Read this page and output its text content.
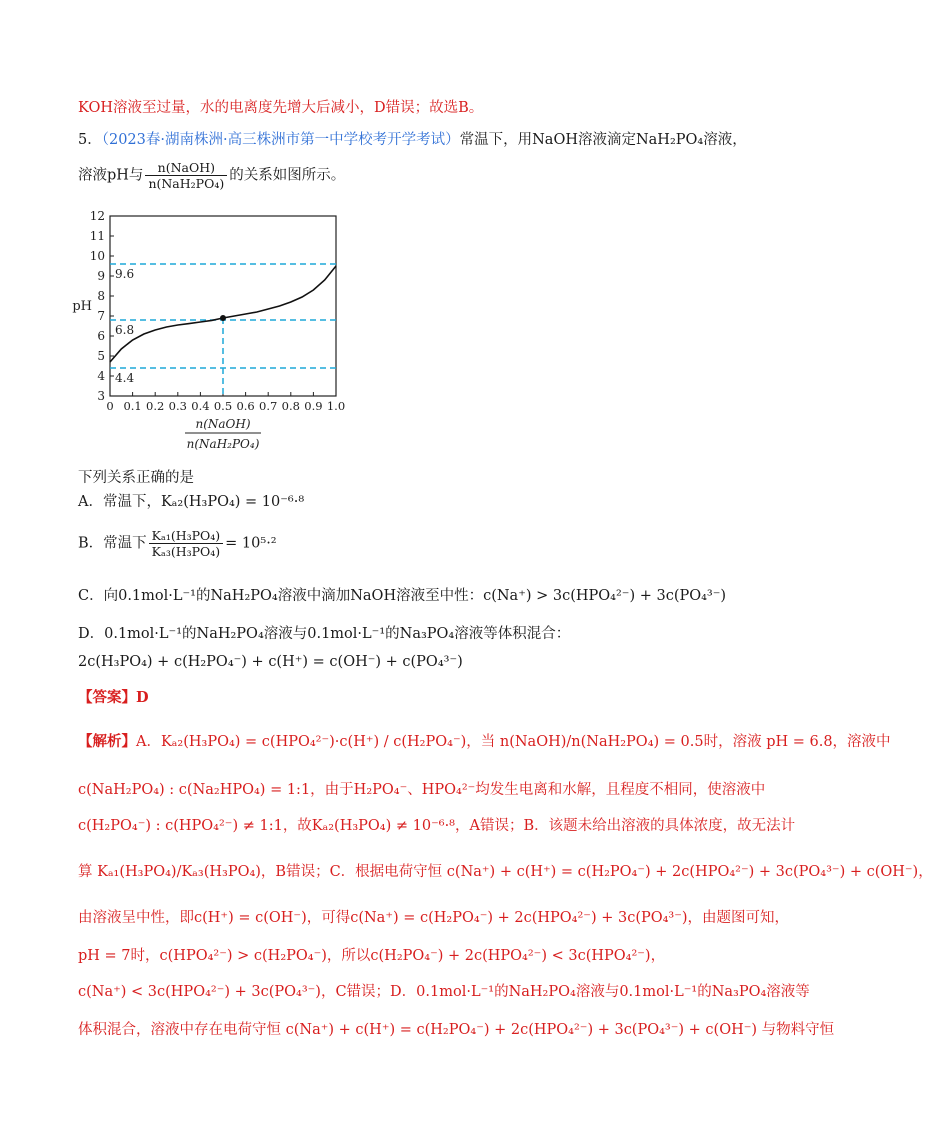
KOH溶液至过量，水的电离度先增大后减小，D错误；故选B。
5．（2023春·湖南株洲·高三株洲市第一中学校考开学考试）常温下，用NaOH溶液滴定NaH₂PO₄溶液，
溶液pH与 $\frac{\text{n(NaOH)}}{\text{n(NaH₂PO₄)}}$ 的关系如图所示。
3
4
5
6
7
8
9
10
11
12
0 0.1 0.2 0.3 0.4 0.5 0.6 0.7 0.8 0.9 1.0
pH
n(NaOH)
n(NaH₂PO₄)
9.6
6.8
4.4
下列关系正确的是
A．常温下，Kₐ₂(H₃PO₄) = 10⁻⁶·⁸
B．常温下 $\frac{\text{Kₐ₁(H₃PO₄)}}{\text{Kₐ₃(H₃PO₄)}} = 10^5\cdot^2$
C．向0.1mol·L⁻¹的NaH₂PO₄溶液中滴加NaOH溶液至中性：c(Na⁺) > 3c(HPO₄²⁻) + 3c(PO₄³⁻)
D．0.1mol·L⁻¹的NaH₂PO₄溶液与0.1mol·L⁻¹的Na₃PO₄溶液等体积混合：
2c(H₃PO₄) + c(H₂PO₄⁻) + c(H⁺) = c(OH⁻) + c(PO₄³⁻)
【答案】D
【解析】A．Kₐ₂(H₃PO₄) = c(HPO₄²⁻)·c(H⁺) / c(H₂PO₄⁻)，当 n(NaOH)/n(NaH₂PO₄) = 0.5时，溶液 pH = 6.8，溶液中
c(NaH₂PO₄) : c(Na₂HPO₄) = 1:1，由于H₂PO₄⁻、HPO₄²⁻均发生电离和水解，且程度不相同，使溶液中
c(H₂PO₄⁻) : c(HPO₄²⁻) ≠ 1:1，故Kₐ₂(H₃PO₄) ≠ 10⁻⁶·⁸，A错误；B．该题未给出溶液的具体浓度，故无法计
算 Kₐ₁(H₃PO₄)/Kₐ₃(H₃PO₄)，B错误；C．根据电荷守恒 c(Na⁺) + c(H⁺) = c(H₂PO₄⁻) + 2c(HPO₄²⁻) + 3c(PO₄³⁻) + c(OH⁻)，
由溶液呈中性，即c(H⁺) = c(OH⁻)，可得c(Na⁺) = c(H₂PO₄⁻) + 2c(HPO₄²⁻) + 3c(PO₄³⁻)，由题图可知，
pH = 7时，c(HPO₄²⁻) > c(H₂PO₄⁻)，所以c(H₂PO₄⁻) + 2c(HPO₄²⁻) < 3c(HPO₄²⁻)，
c(Na⁺) < 3c(HPO₄²⁻) + 3c(PO₄³⁻)，C错误；D．0.1mol·L⁻¹的NaH₂PO₄溶液与0.1mol·L⁻¹的Na₃PO₄溶液等
体积混合，溶液中存在电荷守恒 c(Na⁺) + c(H⁺) = c(H₂PO₄⁻) + 2c(HPO₄²⁻) + 3c(PO₄³⁻) + c(OH⁻) 与物料守恒
